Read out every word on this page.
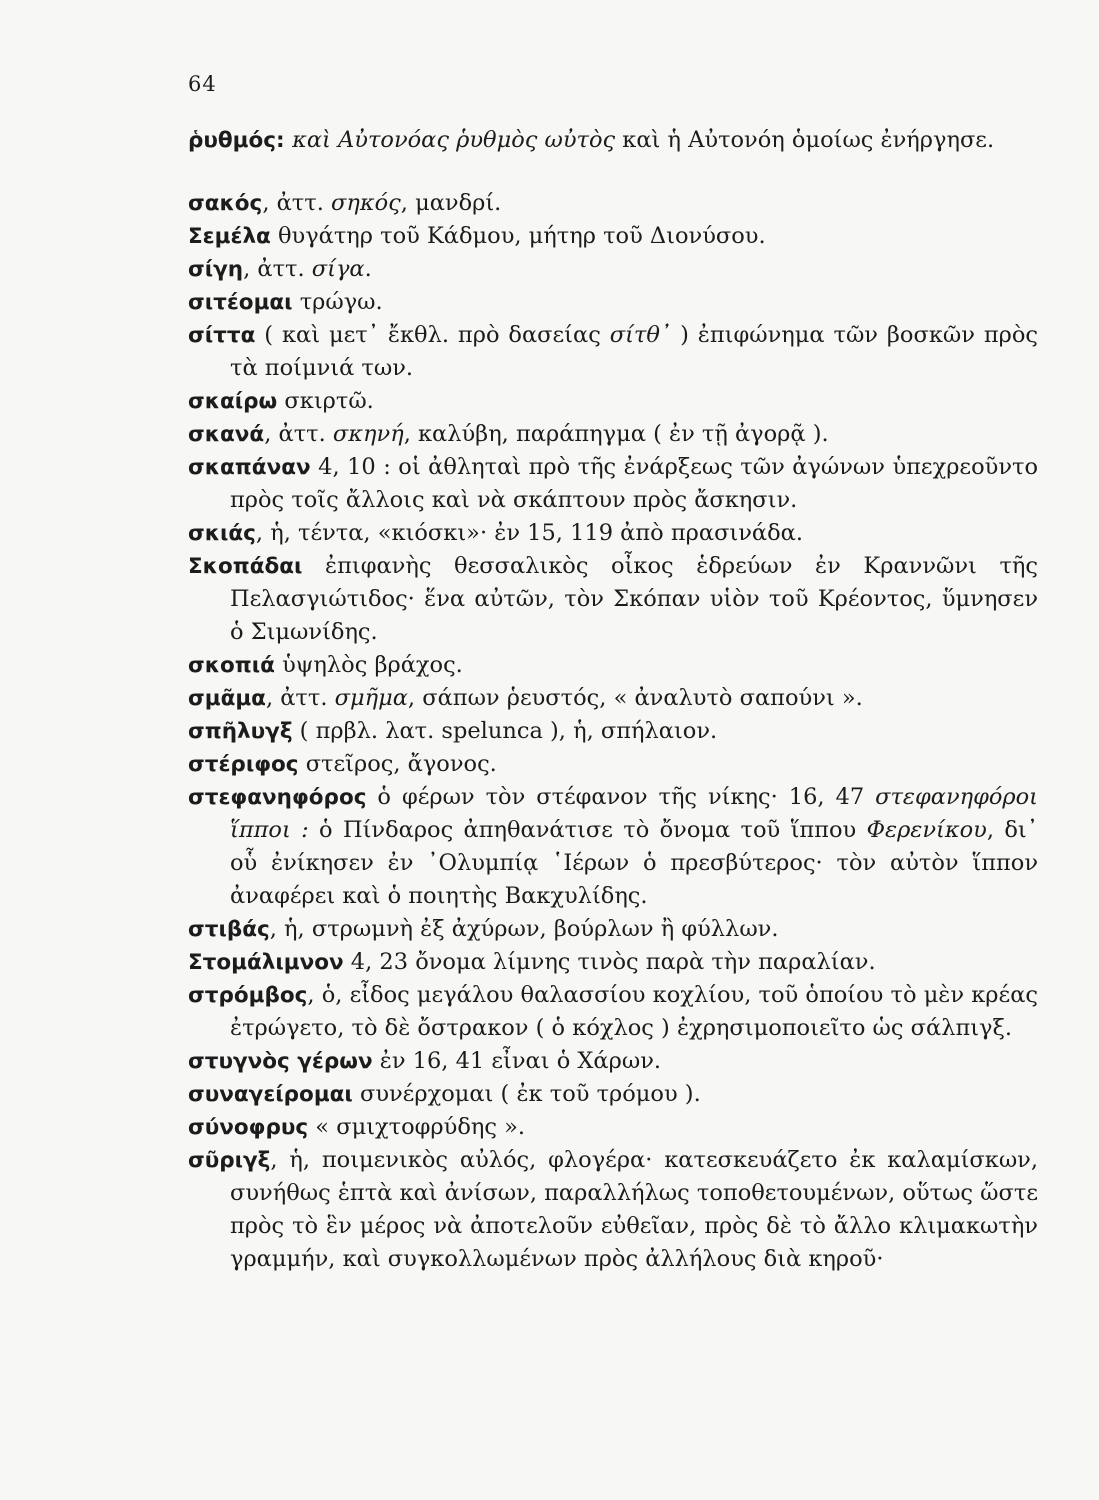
64

ῥυθμός: καὶ Αὐτονόας ῥυθμὸς ωὐτὸς καὶ ἡ Αὐτονόη ὁμοίως ἐνήργησε.

σακός, ἀττ. σηκός, μανδρί.

Σεμέλα θυγάτηρ τοῦ Κάδμου, μήτηρ τοῦ Διονύσου.

σίγη, ἀττ. σίγα.

σιτέομαι τρώγω.

σίττα ( καὶ μετ᾽ ἔκθλ. πρὸ δασείας σίτθ᾽ ) ἐπιφώνημα τῶν βοσκῶν πρὸς τὰ ποίμνιά των.

σκαίρω σκιρτῶ.

σκανά, ἀττ. σκηνή, καλύβη, παράπηγμα ( ἐν τῇ ἀγορᾷ ).

σκαπάναν 4, 10 : οἱ ἀθληταὶ πρὸ τῆς ἐνάρξεως τῶν ἀγώνων ὑπεχρεοῦντο πρὸς τοῖς ἄλλοις καὶ νὰ σκάπτουν πρὸς ἄσκησιν.

σκιάς, ἡ, τέντα, «κιόσκι»· ἐν 15, 119 ἀπὸ πρασινάδα.

Σκοπάδαι ἐπιφανὴς θεσσαλικὸς οἶκος ἑδρεύων ἐν Κραννῶνι τῆς Πελασγιώτιδος· ἕνα αὐτῶν, τὸν Σκόπαν υἱὸν τοῦ Κρέοντος, ὕμνησεν ὁ Σιμωνίδης.

σκοπιά ὑψηλὸς βράχος.

σμᾶμα, ἀττ. σμῆμα, σάπων ῥευστός, « ἀναλυτὸ σαπούνι ».

σπῆλυγξ ( πρβλ. λατ. spelunca ), ἡ, σπήλαιον.

στέριφος στεῖρος, ἄγονος.

στεφανηφόρος ὁ φέρων τὸν στέφανον τῆς νίκης· 16, 47 στεφανηφόροι ἵπποι : ὁ Πίνδαρος ἀπηθανάτισε τὸ ὄνομα τοῦ ἵππου Φερενίκου, δι᾽ οὗ ἐνίκησεν ἐν ᾽Ολυμπίᾳ ῾Ιέρων ὁ πρεσβύτερος· τὸν αὐτὸν ἵππον ἀναφέρει καὶ ὁ ποιητὴς Βακχυλίδης.

στιβάς, ἡ, στρωμνὴ ἐξ ἀχύρων, βούρλων ἢ φύλλων.

Στομάλιμνον 4, 23 ὄνομα λίμνης τινὸς παρὰ τὴν παραλίαν.

στρόμβος, ὁ, εἶδος μεγάλου θαλασσίου κοχλίου, τοῦ ὁποίου τὸ μὲν κρέας ἐτρώγετο, τὸ δὲ ὄστρακον ( ὁ κόχλος ) ἐχρησιμοποιεῖτο ὡς σάλπιγξ.

στυγνὸς γέρων ἐν 16, 41 εἶναι ὁ Χάρων.

συναγείρομαι συνέρχομαι ( ἐκ τοῦ τρόμου ).

σύνοφρυς « σμιχτοφρύδης ».

σῦριγξ, ἡ, ποιμενικὸς αὐλός, φλογέρα· κατεσκευάζετο ἐκ καλαμίσκων, συνήθως ἑπτὰ καὶ ἀνίσων, παραλλήλως τοποθετουμένων, οὕτως ὥστε πρὸς τὸ ἓν μέρος νὰ ἀποτελοῦν εὐθεῖαν, πρὸς δὲ τὸ ἄλλο κλιμακωτὴν γραμμήν, καὶ συγκολλωμένων πρὸς ἀλλήλους διὰ κηροῦ·
